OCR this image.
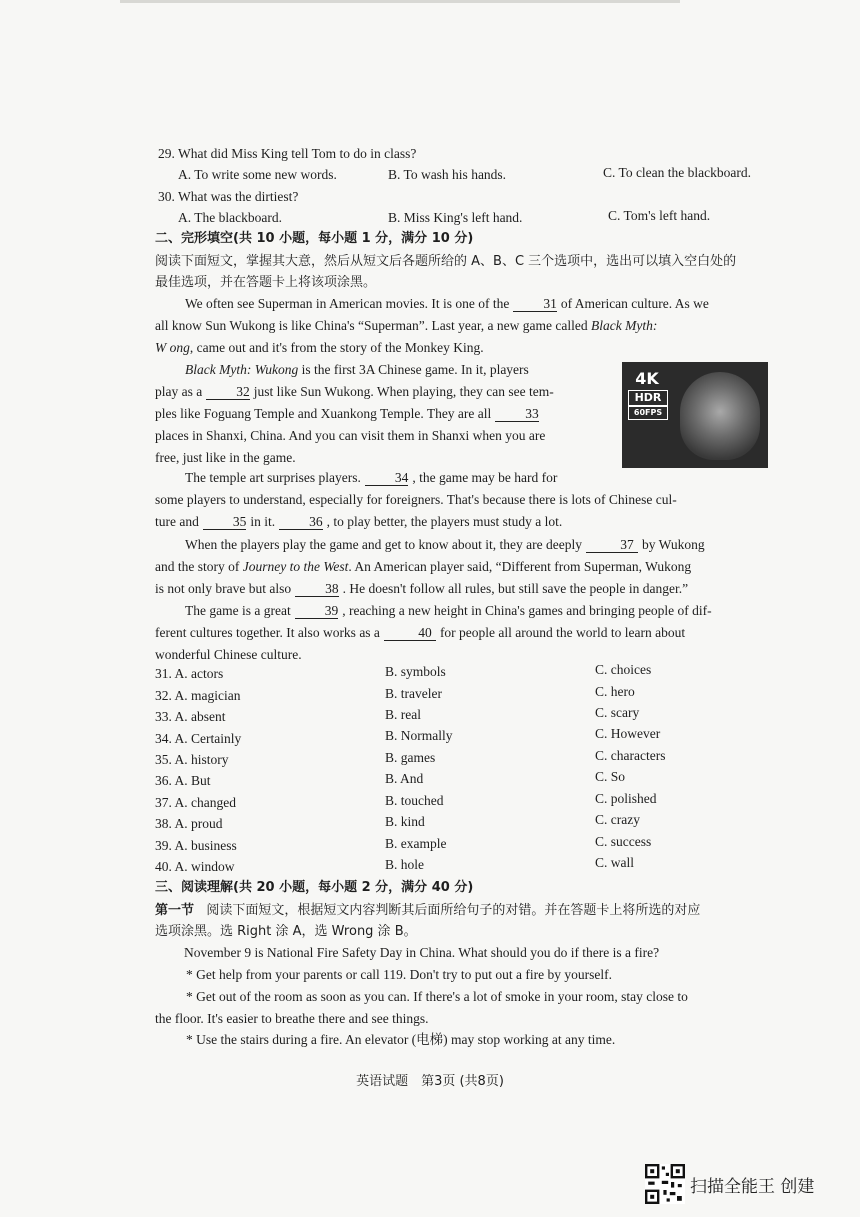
29. What did Miss King tell Tom to do in class?
A. To write some new words.	B. To wash his hands.	C. To clean the blackboard.
30. What was the dirtiest?
A. The blackboard.	B. Miss King's left hand.	C. Tom's left hand.
二、完形填空(共 10 小题，每小题 1 分，满分 10 分)
阅读下面短文，掌握其大意，然后从短文后各题所给的 A、B、C 三个选项中，选出可以填入空白处的
最佳选项，并在答题卡上将该项涂黑。
We often see Superman in American movies. It is one of the	31 of American culture. As we
all know Sun Wukong is like China's “Superman”. Last year, a new game called Black Myth:
W ong, came out and it's from the story of the Monkey King.
Black Myth: Wukong is the first 3A Chinese game. In it, players
play as a	32 just like Sun Wukong. When playing, they can see tem-
ples like Foguang Temple and Xuankong Temple. They are all	33
places in Shanxi, China. And you can visit them in Shanxi when you are
free, just like in the game.
4K
HDR
60FPS
The temple art surprises players.	34 , the game may be hard for
some players to understand, especially for foreigners. That's because there is lots of Chinese cul-
ture and	35 in it.	36 , to play better, the players must study a lot.
When the players play the game and get to know about it, they are deeply	37 by Wukong
and the story of Journey to the West. An American player said, “Different from Superman, Wukong
is not only brave but also	38 . He doesn't follow all rules, but still save the people in danger.”
The game is a great	39 , reaching a new height in China's games and bringing people of dif-
ferent cultures together. It also works as a	40 for people all around the world to learn about
wonderful Chinese culture.
31. A. actors	B. symbols	C. choices
32. A. magician	B. traveler	C. hero
33. A. absent	B. real	C. scary
34. A. Certainly	B. Normally	C. However
35. A. history	B. games	C. characters
36. A. But	B. And	C. So
37. A. changed	B. touched	C. polished
38. A. proud	B. kind	C. crazy
39. A. business	B. example	C. success
40. A. window	B. hole	C. wall
三、阅读理解(共 20 小题，每小题 2 分，满分 40 分)
第一节 阅读下面短文，根据短文内容判断其后面所给句子的对错。并在答题卡上将所选的对应
选项涂黑。选 Right 涂 A，选 Wrong 涂 B。
November 9 is National Fire Safety Day in China. What should you do if there is a fire?
* Get help from your parents or call 119. Don't try to put out a fire by yourself.
* Get out of the room as soon as you can. If there's a lot of smoke in your room, stay close to
the floor. It's easier to breathe there and see things.
* Use the stairs during a fire. An elevator (电梯) may stop working at any time.
英语试题　第3页 (共8页)
扫描全能王 创建
